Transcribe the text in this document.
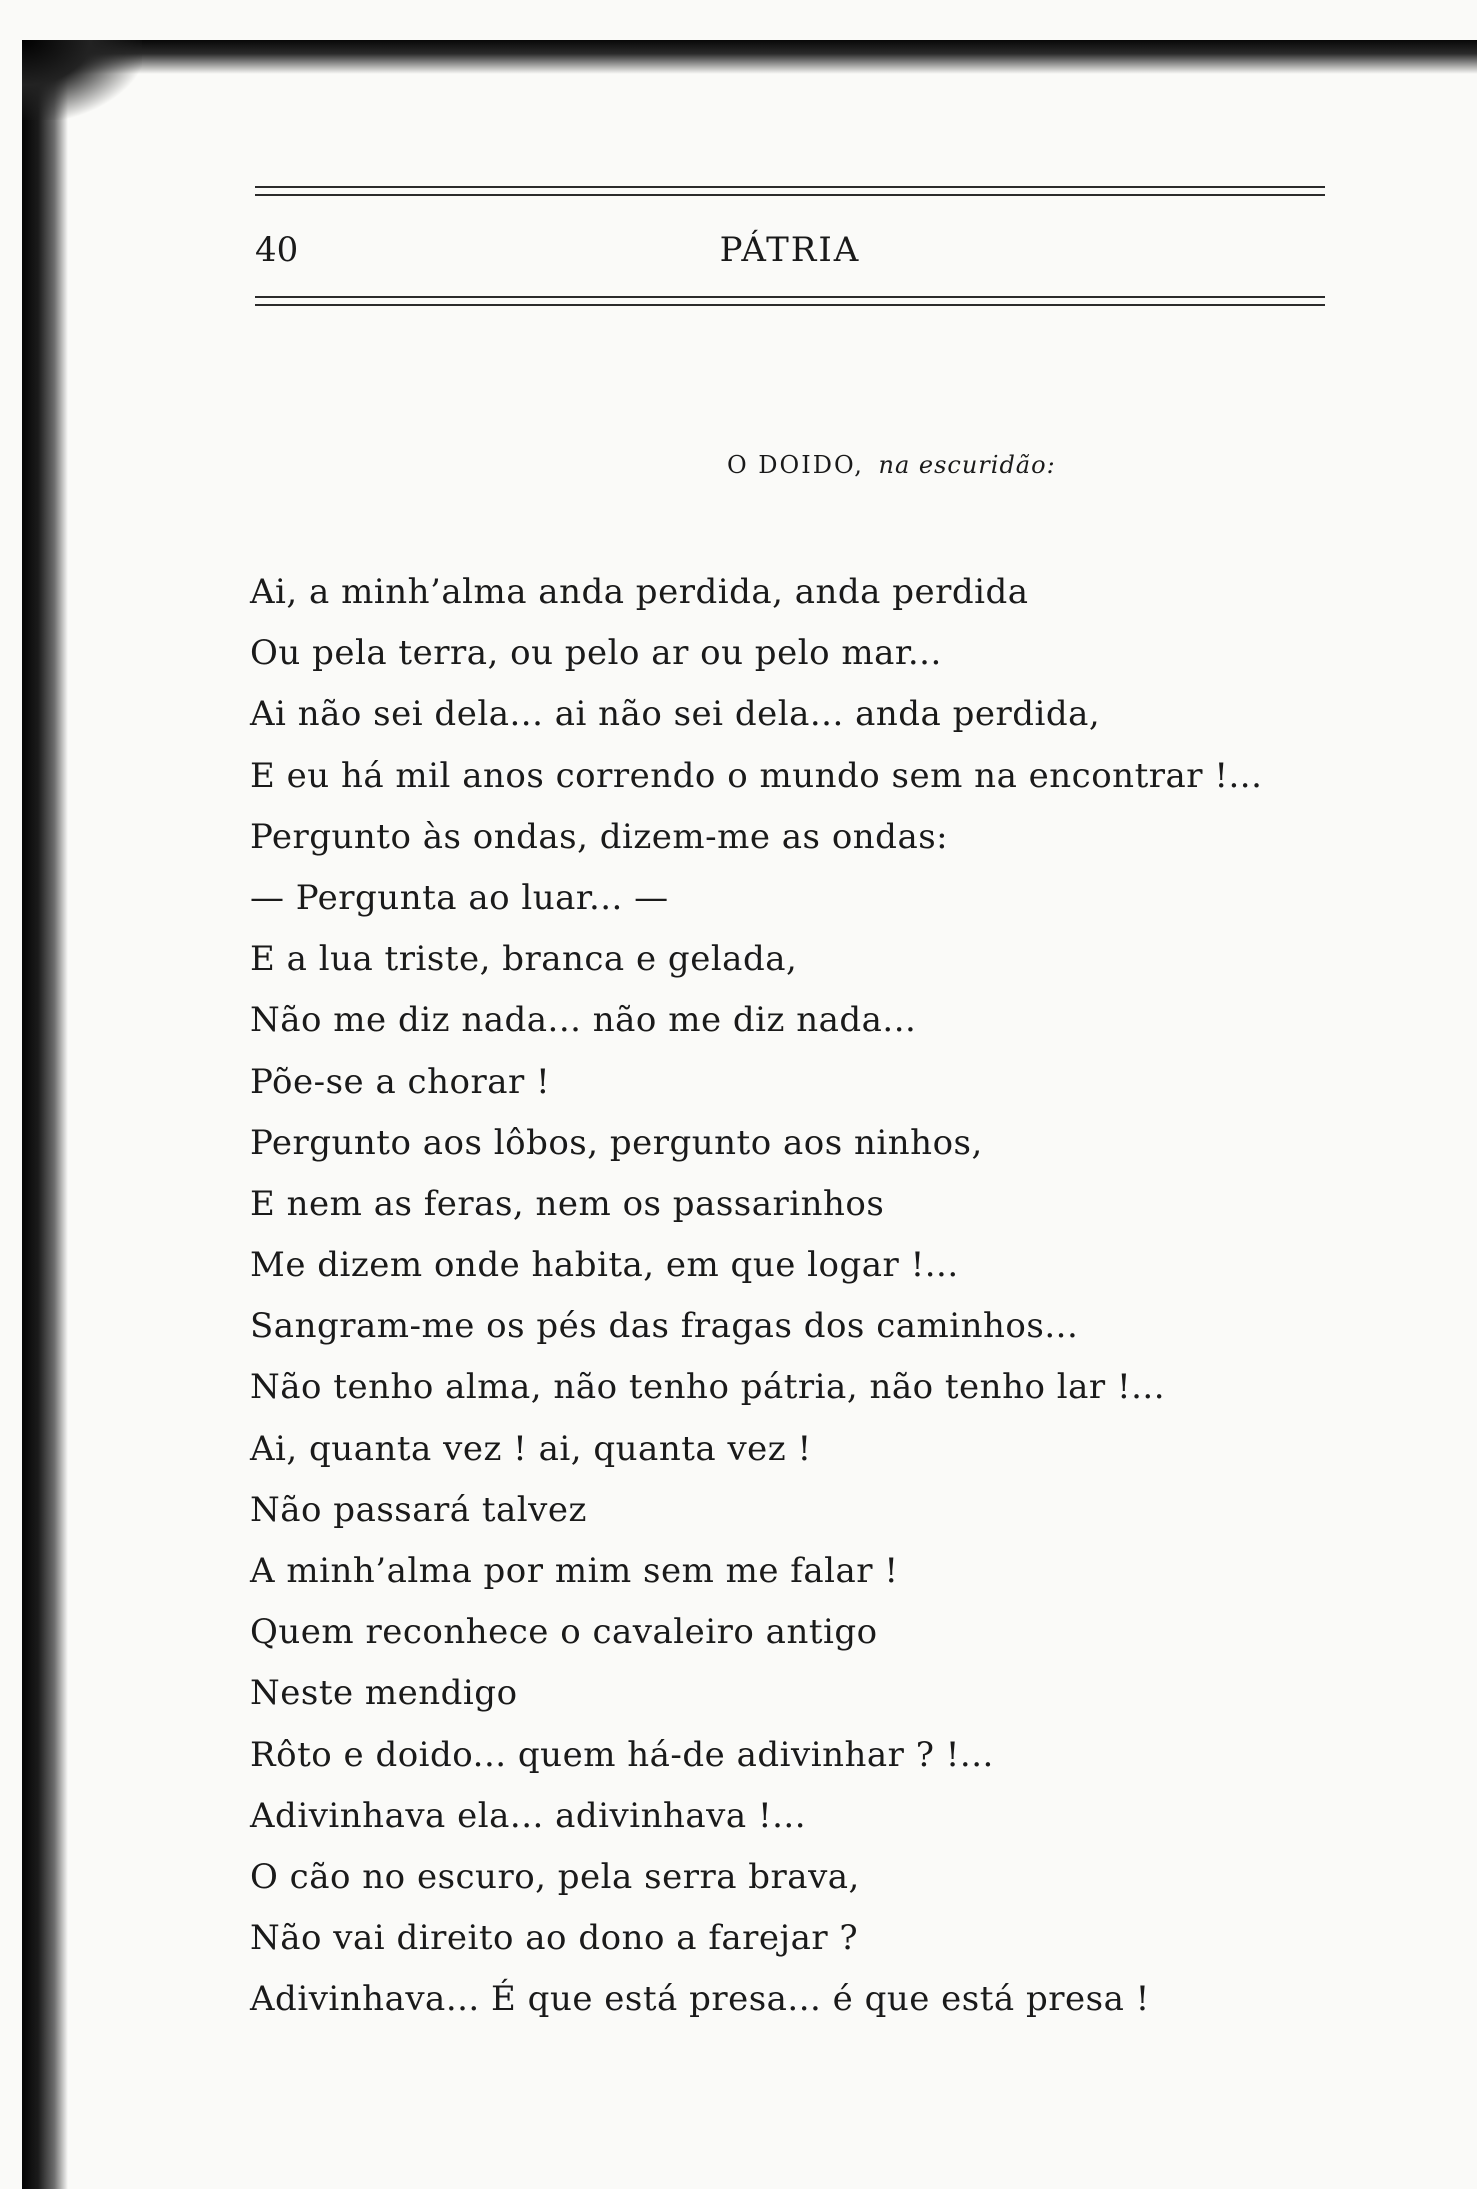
40	PÁTRIA
O DOIDO, na escuridão:
Ai, a minh’alma anda perdida, anda perdida
Ou pela terra, ou pelo ar ou pelo mar...
Ai não sei dela... ai não sei dela... anda perdida,
E eu há mil anos correndo o mundo sem na encontrar !...
Pergunto às ondas, dizem-me as ondas:
— Pergunta ao luar... —
E a lua triste, branca e gelada,
Não me diz nada... não me diz nada...
Põe-se a chorar !
Pergunto aos lôbos, pergunto aos ninhos,
E nem as feras, nem os passarinhos
Me dizem onde habita, em que logar !...
Sangram-me os pés das fragas dos caminhos...
Não tenho alma, não tenho pátria, não tenho lar !...
Ai, quanta vez ! ai, quanta vez !
Não passará talvez
A minh’alma por mim sem me falar !
Quem reconhece o cavaleiro antigo
Neste mendigo
Rôto e doido... quem há-de adivinhar ? !...
Adivinhava ela... adivinhava !...
O cão no escuro, pela serra brava,
Não vai direito ao dono a farejar ?
Adivinhava... É que está presa... é que está presa !
